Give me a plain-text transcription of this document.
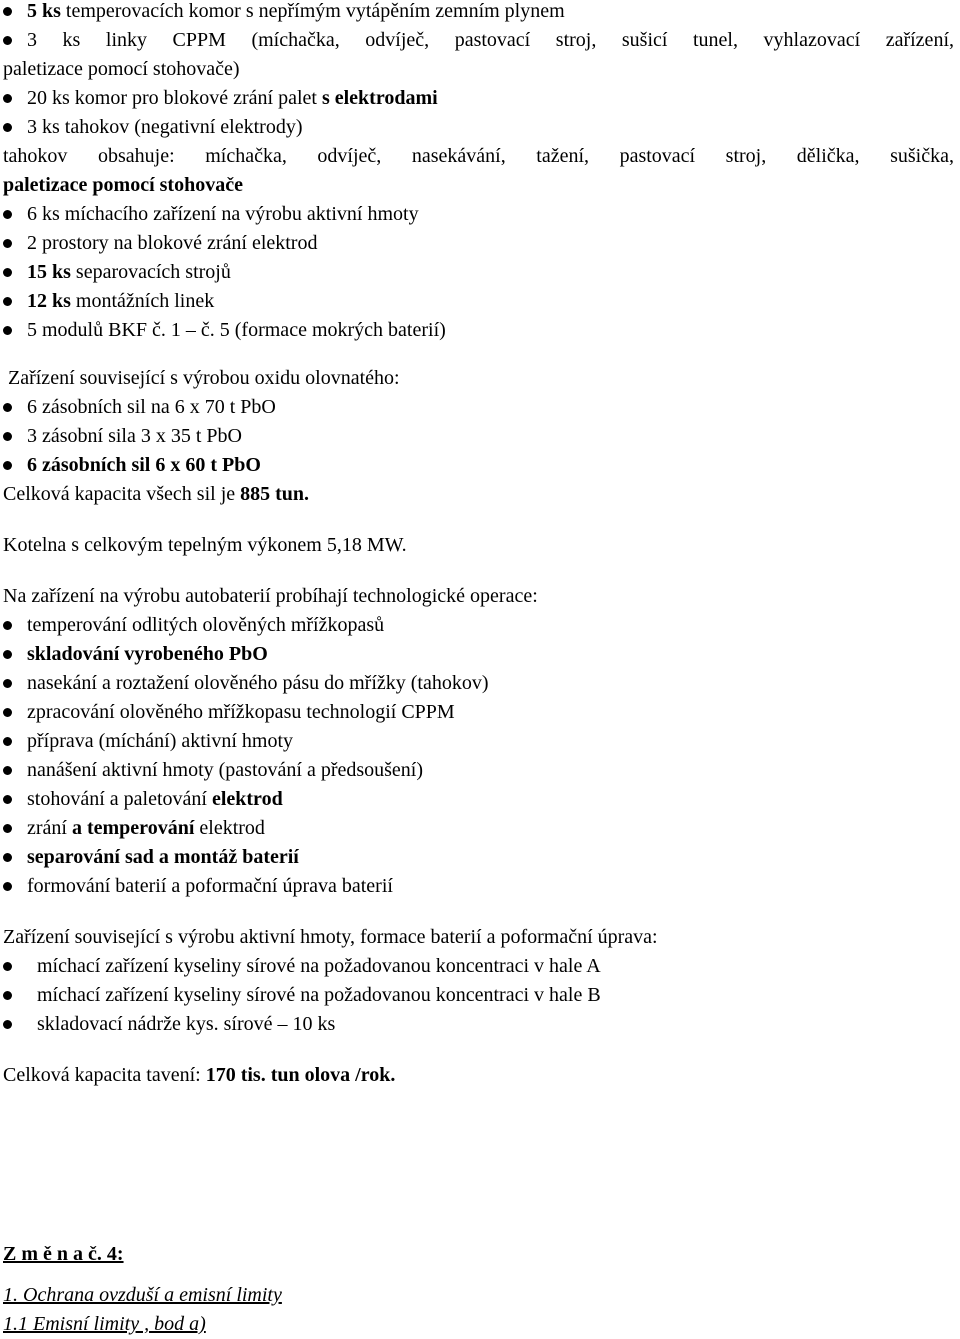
5 ks temperovacích komor s nepřímým vytápěním zemním plynem
3 ks linky CPPM (míchačka, odvíječ, pastovací stroj, sušicí tunel, vyhlazovací zařízení,
paletizace pomocí stohovače)
20 ks komor pro blokové zrání palet s elektrodami
3 ks tahokov (negativní elektrody)
tahokov obsahuje: míchačka, odvíječ, nasekávání, tažení, pastovací stroj, dělička, sušička,
paletizace pomocí stohovače
6 ks míchacího zařízení na výrobu aktivní hmoty
2 prostory na blokové zrání elektrod
15 ks separovacích strojů
12 ks montážních linek
5 modulů BKF č. 1 – č. 5 (formace mokrých baterií)
Zařízení související s výrobou oxidu olovnatého:
6 zásobních sil na 6 x 70 t PbO
3 zásobní sila 3 x 35 t PbO
6 zásobních sil 6 x 60 t PbO
Celková kapacita všech sil je 885 tun.
Kotelna s celkovým tepelným výkonem 5,18 MW.
Na zařízení na výrobu autobaterií probíhají technologické operace:
temperování odlitých olověných mřížkopasů
skladování vyrobeného PbO
nasekání a roztažení olověného pásu do mřížky (tahokov)
zpracování olověného mřížkopasu technologií CPPM
příprava (míchání) aktivní hmoty
nanášení aktivní hmoty (pastování a předsoušení)
stohování a paletování elektrod
zrání a temperování elektrod
separování sad a montáž baterií
formování baterií a poformační úprava baterií
Zařízení související s výrobu aktivní hmoty, formace baterií a poformační úprava:
míchací zařízení kyseliny sírové na požadovanou koncentraci v hale A
míchací zařízení kyseliny sírové na požadovanou koncentraci v hale B
skladovací nádrže kys. sírové – 10 ks
Celková kapacita tavení: 170 tis. tun olova /rok.
Z m ě n a č. 4:
1. Ochrana ovzduší a emisní limity
1.1 Emisní limity , bod a)
